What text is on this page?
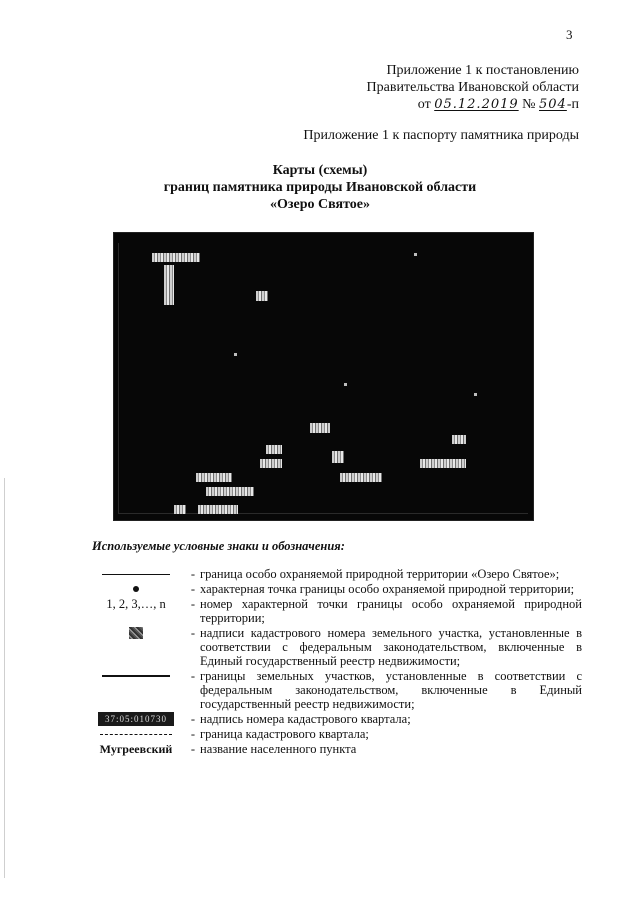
3
Приложение 1 к постановлению
Правительства Ивановской области
от 05.12.2019 № 504-п
Приложение 1 к паспорту памятника природы
Карты (схемы)
границ памятника природы Ивановской области
«Озеро Святое»
Используемые условные знаки и обозначения:
- граница особо охраняемой природной территории «Озеро Святое»;
- характерная точка границы особо охраняемой природной территории;
1, 2, 3,…, n	- номер характерной точки границы особо охраняемой природной территории;
- надписи кадастрового номера земельного участка, установленные в соответствии с федеральным законодательством, включенные в Единый государственный реестр недвижимости;
- границы земельных участков, установленные в соответствии с федеральным законодательством, включенные в Единый государственный реестр недвижимости;
37:05:010730	- надпись номера кадастрового квартала;
- граница кадастрового квартала;
Мугреевский	- название населенного пункта
